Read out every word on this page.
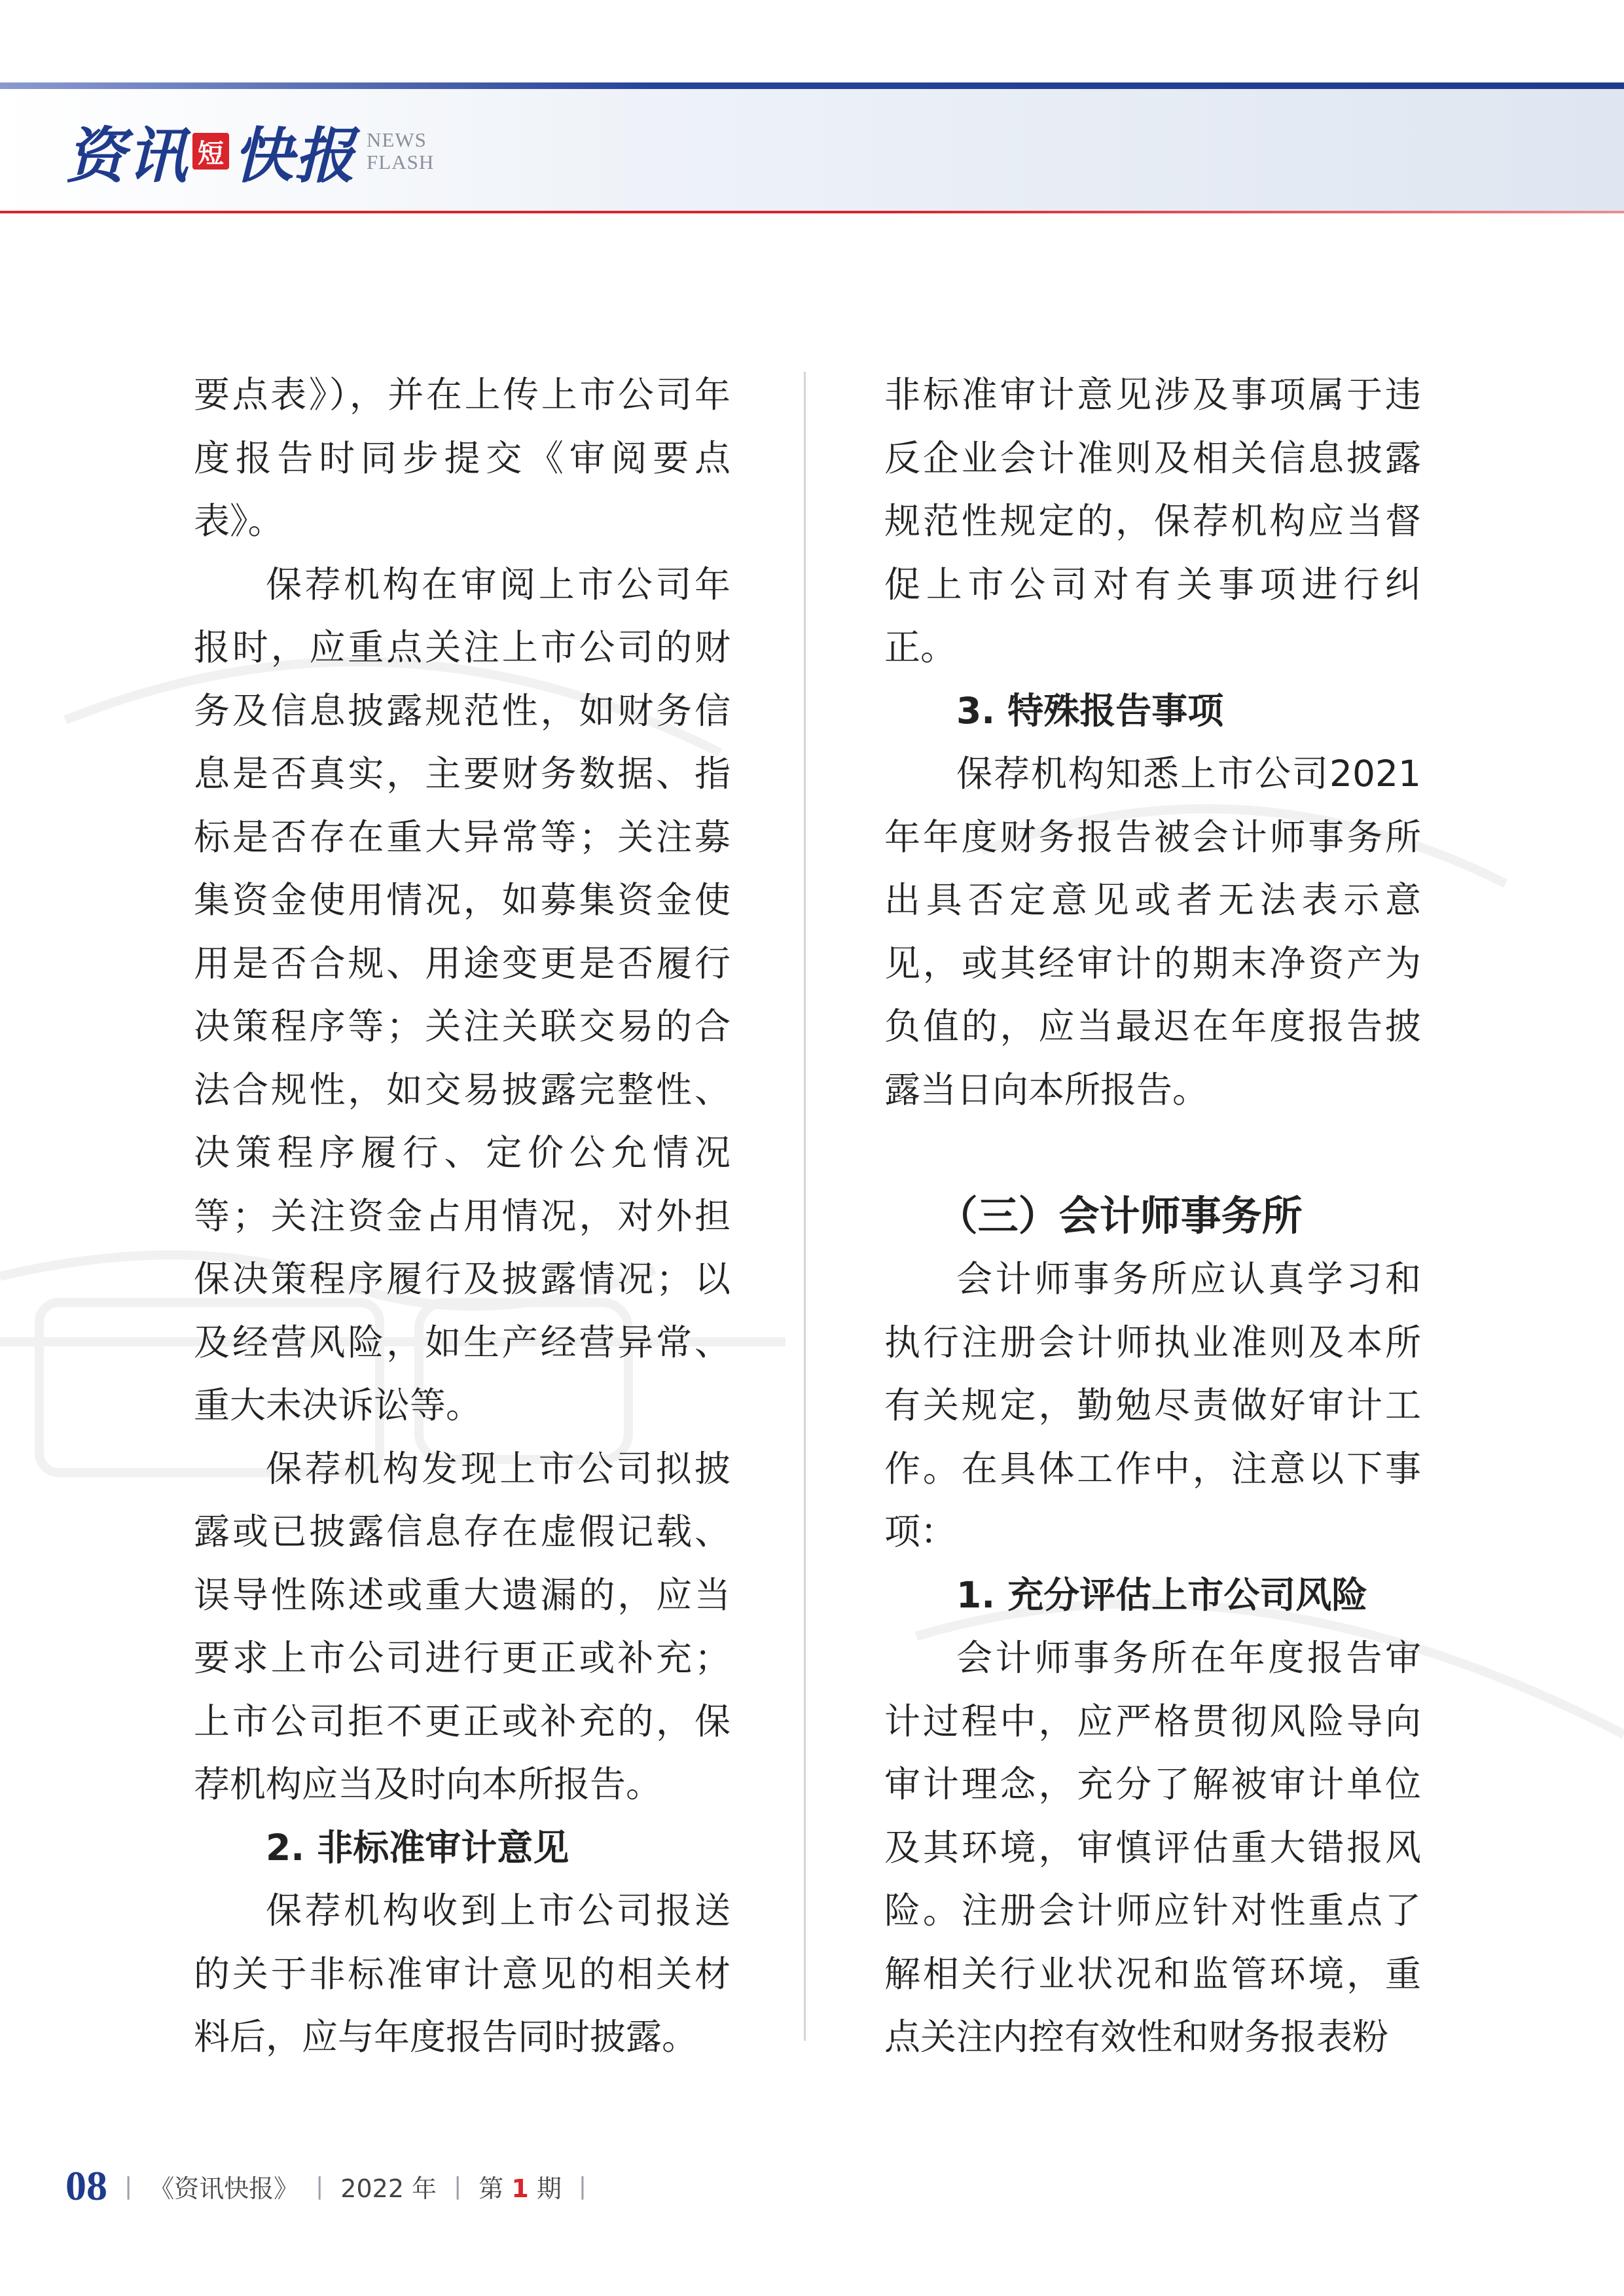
资讯 短 快报 NEWS
FLASH

要点表》），并在上传上市公司年度报告时同步提交《审阅要点表》。

保荐机构在审阅上市公司年报时，应重点关注上市公司的财务及信息披露规范性，如财务信息是否真实，主要财务数据、指标是否存在重大异常等；关注募集资金使用情况，如募集资金使用是否合规、用途变更是否履行决策程序等；关注关联交易的合法合规性，如交易披露完整性、决策程序履行、定价公允情况等；关注资金占用情况，对外担保决策程序履行及披露情况；以及经营风险，如生产经营异常、重大未决诉讼等。

保荐机构发现上市公司拟披露或已披露信息存在虚假记载、误导性陈述或重大遗漏的，应当要求上市公司进行更正或补充；上市公司拒不更正或补充的，保荐机构应当及时向本所报告。

2. 非标准审计意见

保荐机构收到上市公司报送的关于非标准审计意见的相关材料后，应与年度报告同时披露。

非标准审计意见涉及事项属于违反企业会计准则及相关信息披露规范性规定的，保荐机构应当督促上市公司对有关事项进行纠正。

3. 特殊报告事项

保荐机构知悉上市公司2021年年度财务报告被会计师事务所出具否定意见或者无法表示意见，或其经审计的期末净资产为负值的，应当最迟在年度报告披露当日向本所报告。

（三）会计师事务所

会计师事务所应认真学习和执行注册会计师执业准则及本所有关规定，勤勉尽责做好审计工作。在具体工作中，注意以下事项：

1. 充分评估上市公司风险

会计师事务所在年度报告审计过程中，应严格贯彻风险导向审计理念，充分了解被审计单位及其环境，审慎评估重大错报风险。注册会计师应针对性重点了解相关行业状况和监管环境，重点关注内控有效性和财务报表粉

08 | 《资讯快报》 | 2022 年 | 第 1 期 |
